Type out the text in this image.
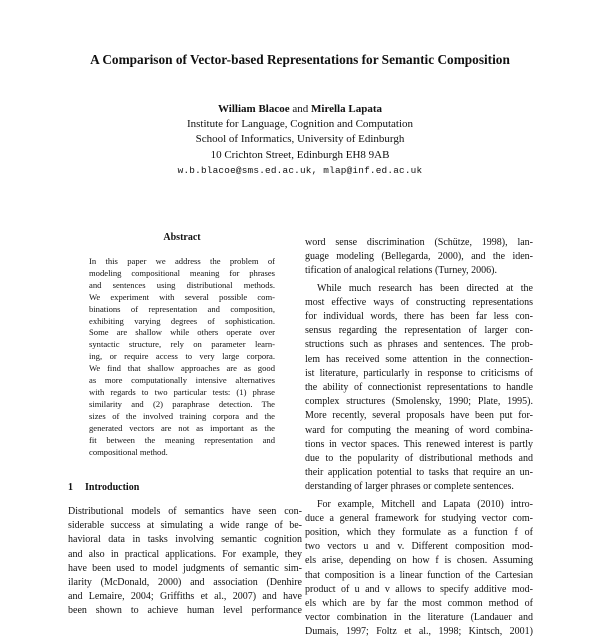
A Comparison of Vector-based Representations for Semantic Composition
William Blacoe and Mirella Lapata
Institute for Language, Cognition and Computation
School of Informatics, University of Edinburgh
10 Crichton Street, Edinburgh EH8 9AB
w.b.blacoe@sms.ed.ac.uk, mlap@inf.ed.ac.uk
Abstract
In this paper we address the problem of
modeling compositional meaning for phrases
and sentences using distributional methods.
We experiment with several possible com-
binations of representation and composition,
exhibiting varying degrees of sophistication.
Some are shallow while others operate over
syntactic structure, rely on parameter learn-
ing, or require access to very large corpora.
We find that shallow approaches are as good
as more computationally intensive alternatives
with regards to two particular tests: (1) phrase
similarity and (2) paraphrase detection. The
sizes of the involved training corpora and the
generated vectors are not as important as the
fit between the meaning representation and
compositional method.
1 Introduction
Distributional models of semantics have seen con-
siderable success at simulating a wide range of be-
havioral data in tasks involving semantic cognition
and also in practical applications. For example, they
have been used to model judgments of semantic sim-
ilarity (McDonald, 2000) and association (Denhire
and Lemaire, 2004; Griffiths et al., 2007) and have
been shown to achieve human level performance
word sense discrimination (Schütze, 1998), lan-
guage modeling (Bellegarda, 2000), and the iden-
tification of analogical relations (Turney, 2006).
While much research has been directed at the
most effective ways of constructing representations
for individual words, there has been far less con-
sensus regarding the representation of larger con-
structions such as phrases and sentences. The prob-
lem has received some attention in the connection-
ist literature, particularly in response to criticisms of
the ability of connectionist representations to handle
complex structures (Smolensky, 1990; Plate, 1995).
More recently, several proposals have been put for-
ward for computing the meaning of word combina-
tions in vector spaces. This renewed interest is partly
due to the popularity of distributional methods and
their application potential to tasks that require an un-
derstanding of larger phrases or complete sentences.
For example, Mitchell and Lapata (2010) intro-
duce a general framework for studying vector com-
position, which they formulate as a function f of
two vectors u and v. Different composition mod-
els arise, depending on how f is chosen. Assuming
that composition is a linear function of the Cartesian
product of u and v allows to specify additive mod-
els which are by far the most common method of
vector combination in the literature (Landauer and
Dumais, 1997; Foltz et al., 1998; Kintsch, 2001)
